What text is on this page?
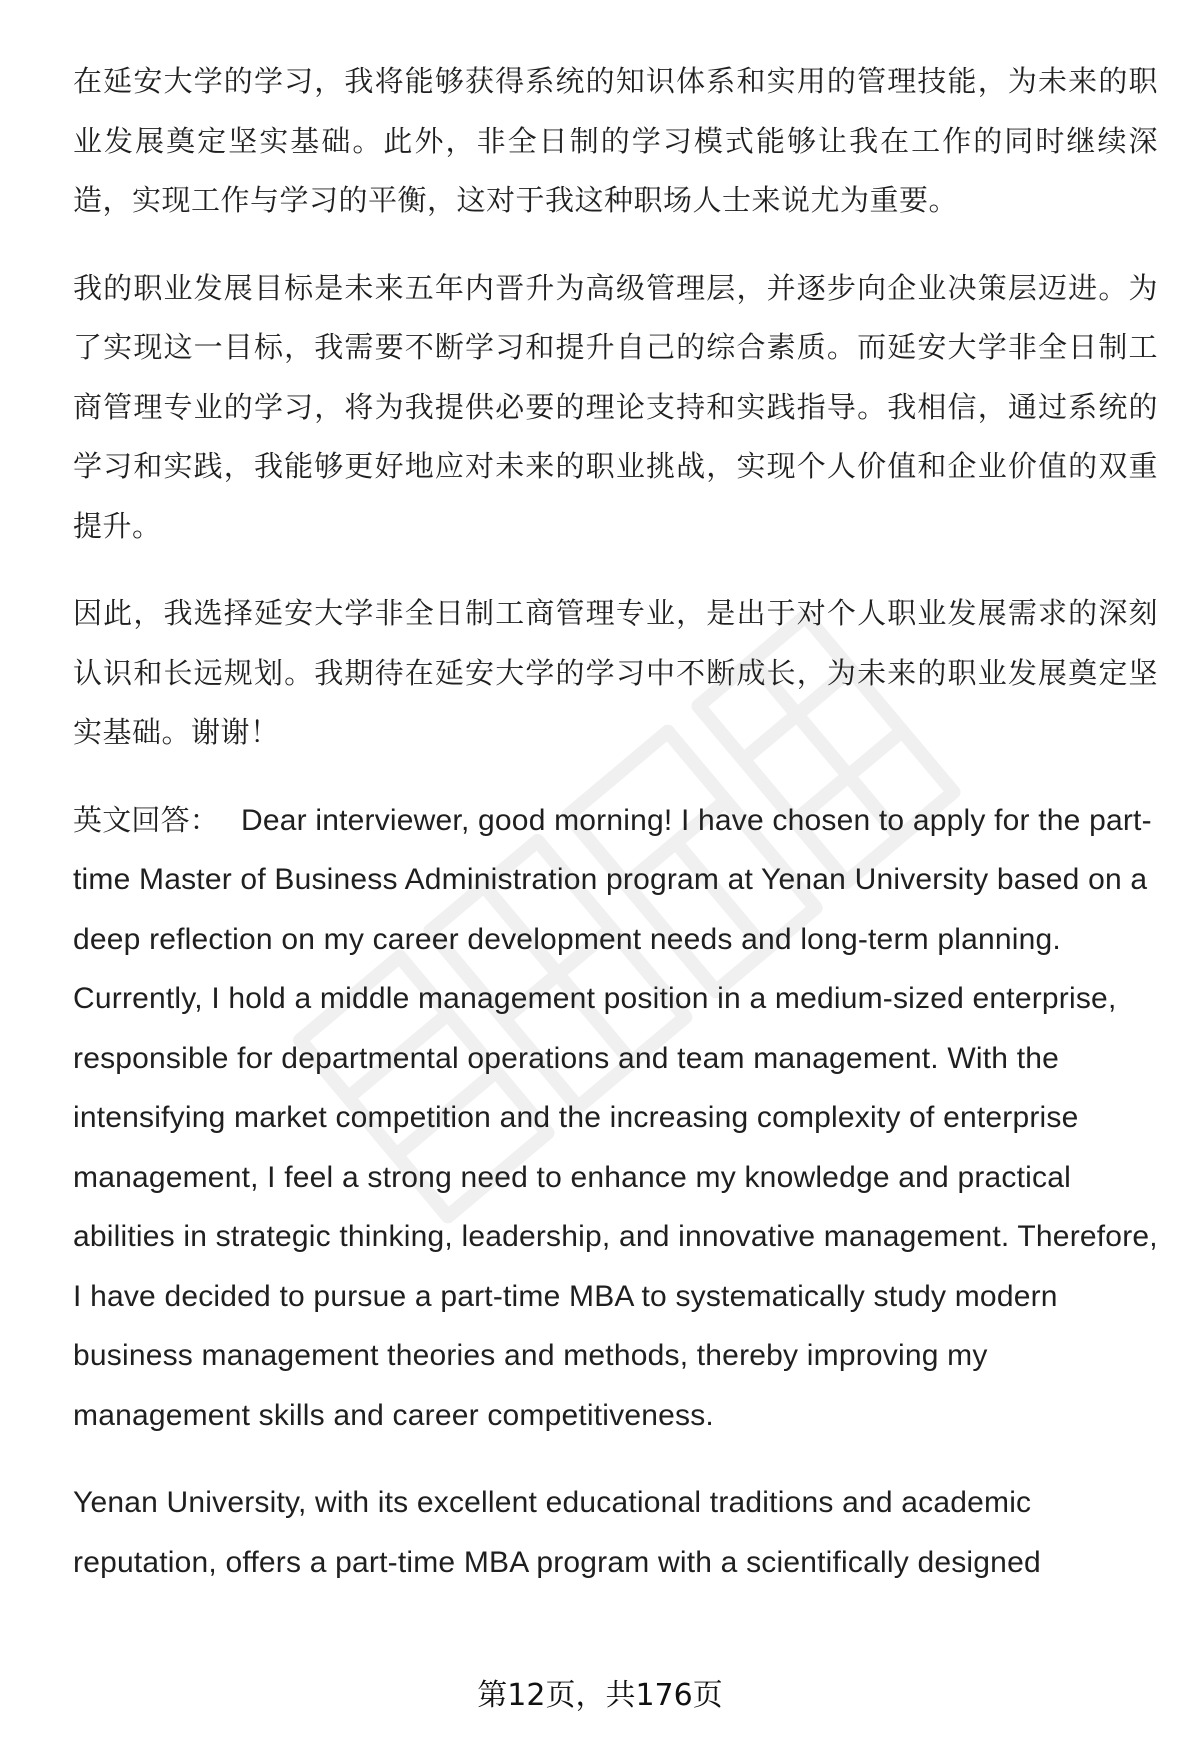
在延安大学的学习，我将能够获得系统的知识体系和实用的管理技能，为未来的职业发展奠定坚实基础。此外，非全日制的学习模式能够让我在工作的同时继续深造，实现工作与学习的平衡，这对于我这种职场人士来说尤为重要。

我的职业发展目标是未来五年内晋升为高级管理层，并逐步向企业决策层迈进。为了实现这一目标，我需要不断学习和提升自己的综合素质。而延安大学非全日制工商管理专业的学习，将为我提供必要的理论支持和实践指导。我相信，通过系统的学习和实践，我能够更好地应对未来的职业挑战，实现个人价值和企业价值的双重提升。

因此，我选择延安大学非全日制工商管理专业，是出于对个人职业发展需求的深刻认识和长远规划。我期待在延安大学的学习中不断成长，为未来的职业发展奠定坚实基础。谢谢！

英文回答： Dear interviewer, good morning! I have chosen to apply for the part-time Master of Business Administration program at Yenan University based on a deep reflection on my career development needs and long-term planning. Currently, I hold a middle management position in a medium-sized enterprise, responsible for departmental operations and team management. With the intensifying market competition and the increasing complexity of enterprise management, I feel a strong need to enhance my knowledge and practical abilities in strategic thinking, leadership, and innovative management. Therefore, I have decided to pursue a part-time MBA to systematically study modern business management theories and methods, thereby improving my management skills and career competitiveness.

Yenan University, with its excellent educational traditions and academic reputation, offers a part-time MBA program with a scientifically designed

第12页，共176页
